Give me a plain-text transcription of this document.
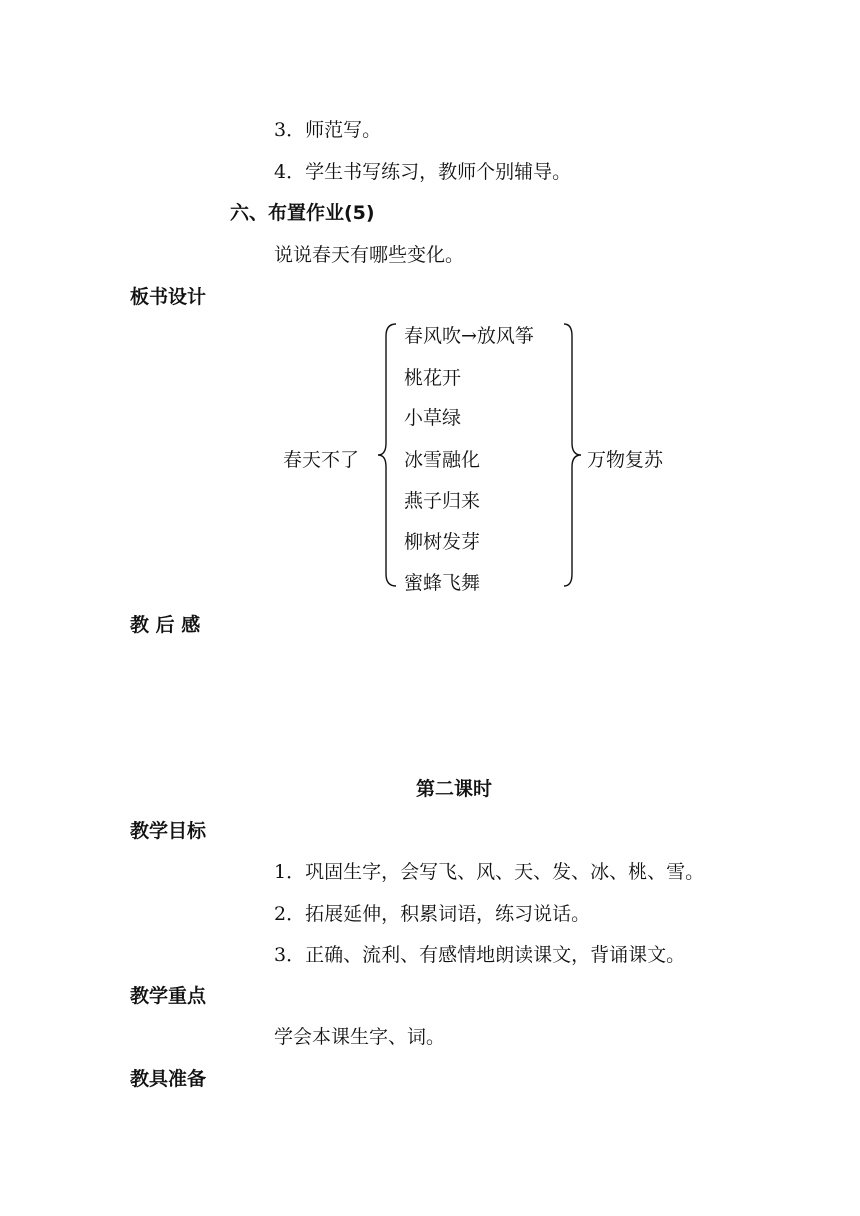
3．师范写。
4．学生书写练习，教师个别辅导。
六、布置作业(5)
说说春天有哪些变化。
板书设计
春天不了
春风吹→放风筝
桃花开
小草绿
冰雪融化
燕子归来
柳树发芽
蜜蜂飞舞
万物复苏
教 后 感
第二课时
教学目标
1．巩固生字，会写飞、风、天、发、冰、桃、雪。
2．拓展延伸，积累词语，练习说话。
3．正确、流利、有感情地朗读课文，背诵课文。
教学重点
学会本课生字、词。
教具准备
